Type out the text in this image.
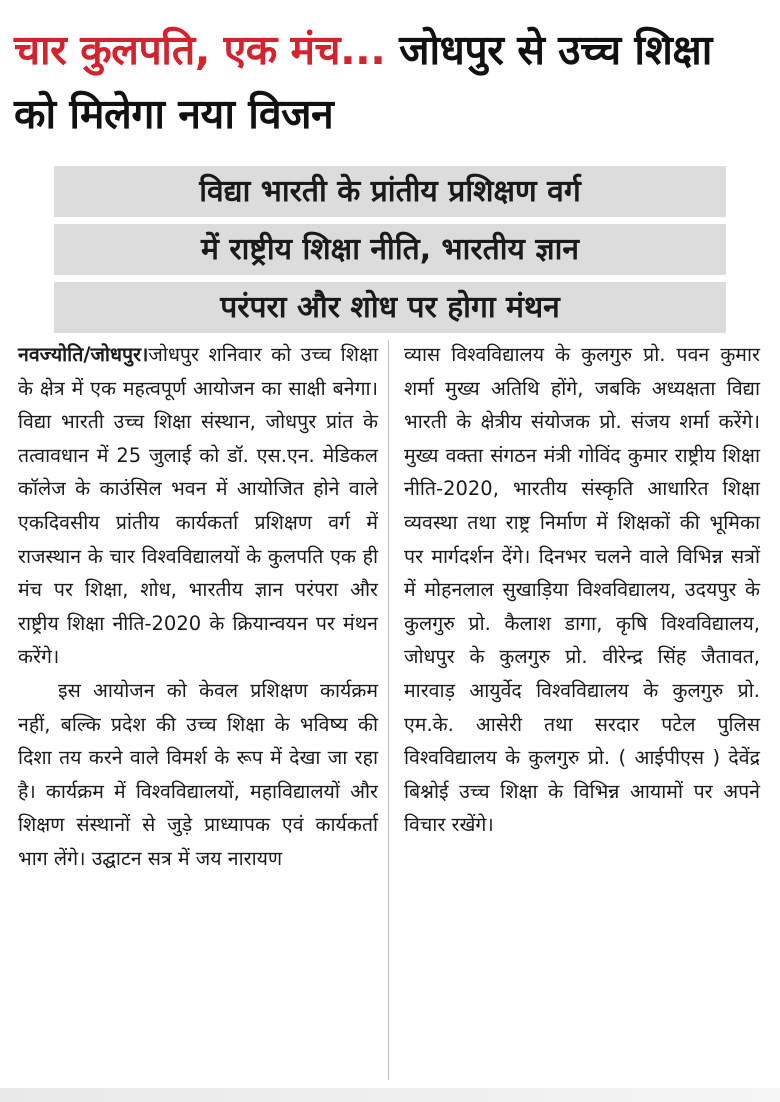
चार कुलपति, एक मंच... जोधपुर से उच्च शिक्षा को मिलेगा नया विजन
विद्या भारती के प्रांतीय प्रशिक्षण वर्ग
में राष्ट्रीय शिक्षा नीति, भारतीय ज्ञान
परंपरा और शोध पर होगा मंथन

नवज्योति/जोधपुर।जोधपुर शनिवार को उच्च शिक्षा के क्षेत्र में एक महत्वपूर्ण आयोजन का साक्षी बनेगा। विद्या भारती उच्च शिक्षा संस्थान, जोधपुर प्रांत के तत्वावधान में 25 जुलाई को डॉ. एस.एन. मेडिकल कॉलेज के काउंसिल भवन में आयोजित होने वाले एकदिवसीय प्रांतीय कार्यकर्ता प्रशिक्षण वर्ग में राजस्थान के चार विश्वविद्यालयों के कुलपति एक ही मंच पर शिक्षा, शोध, भारतीय ज्ञान परंपरा और राष्ट्रीय शिक्षा नीति-2020 के क्रियान्वयन पर मंथन करेंगे।

इस आयोजन को केवल प्रशिक्षण कार्यक्रम नहीं, बल्कि प्रदेश की उच्च शिक्षा के भविष्य की दिशा तय करने वाले विमर्श के रूप में देखा जा रहा है। कार्यक्रम में विश्वविद्यालयों, महाविद्यालयों और शिक्षण संस्थानों से जुड़े प्राध्यापक एवं कार्यकर्ता भाग लेंगे। उद्घाटन सत्र में जय नारायण

व्यास विश्वविद्यालय के कुलगुरु प्रो. पवन कुमार शर्मा मुख्य अतिथि होंगे, जबकि अध्यक्षता विद्या भारती के क्षेत्रीय संयोजक प्रो. संजय शर्मा करेंगे। मुख्य वक्ता संगठन मंत्री गोविंद कुमार राष्ट्रीय शिक्षा नीति-2020, भारतीय संस्कृति आधारित शिक्षा व्यवस्था तथा राष्ट्र निर्माण में शिक्षकों की भूमिका पर मार्गदर्शन देंगे। दिनभर चलने वाले विभिन्न सत्रों में मोहनलाल सुखाड़िया विश्वविद्यालय, उदयपुर के कुलगुरु प्रो. कैलाश डागा, कृषि विश्वविद्यालय, जोधपुर के कुलगुरु प्रो. वीरेन्द्र सिंह जैतावत, मारवाड़ आयुर्वेद विश्वविद्यालय के कुलगुरु प्रो. एम.के. आसेरी तथा सरदार पटेल पुलिस विश्वविद्यालय के कुलगुरु प्रो. ( आईपीएस ) देवेंद्र बिश्नोई उच्च शिक्षा के विभिन्न आयामों पर अपने विचार रखेंगे।
